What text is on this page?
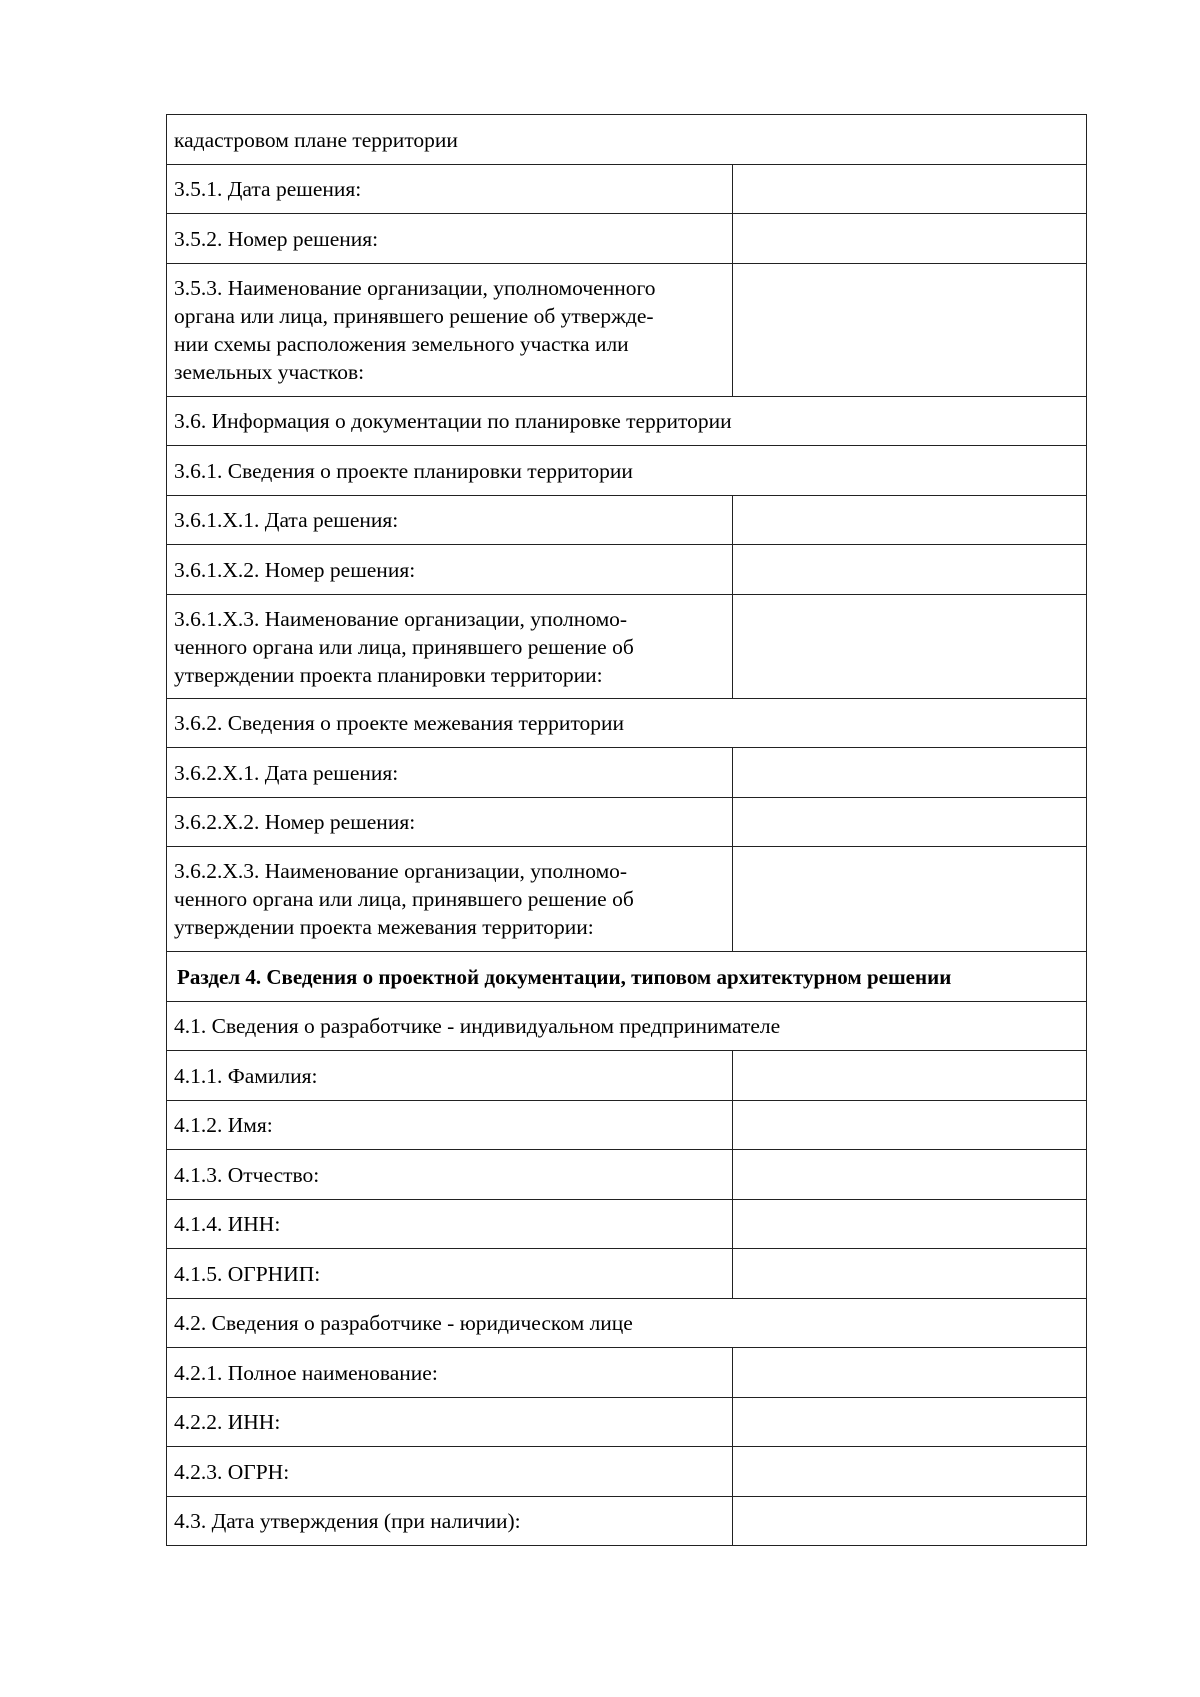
кадастровом плане территории	

3.5.1. Дата решения:	

3.5.2. Номер решения:	

3.5.3. Наименование организации, уполномоченного
органа или лица, принявшего решение об утвержде-
нии схемы расположения земельного участка или
земельных участков:	

3.6. Информация о документации по планировке территории	

3.6.1. Сведения о проекте планировки территории	

3.6.1.X.1. Дата решения:	

3.6.1.X.2. Номер решения:	

3.6.1.X.3. Наименование организации, уполномо-
ченного органа или лица, принявшего решение об
утверждении проекта планировки территории:	

3.6.2. Сведения о проекте межевания территории	

3.6.2.X.1. Дата решения:	

3.6.2.X.2. Номер решения:	

3.6.2.X.3. Наименование организации, уполномо-
ченного органа или лица, принявшего решение об
утверждении проекта межевания территории:	

Раздел 4. Сведения о проектной документации, типовом архитектурном решении	

4.1. Сведения о разработчике - индивидуальном предпринимателе	

4.1.1. Фамилия:	

4.1.2. Имя:	

4.1.3. Отчество:	

4.1.4. ИНН:	

4.1.5. ОГРНИП:	

4.2. Сведения о разработчике - юридическом лице	

4.2.1. Полное наименование:	

4.2.2. ИНН:	

4.2.3. ОГРН:	

4.3. Дата утверждения (при наличии):	
